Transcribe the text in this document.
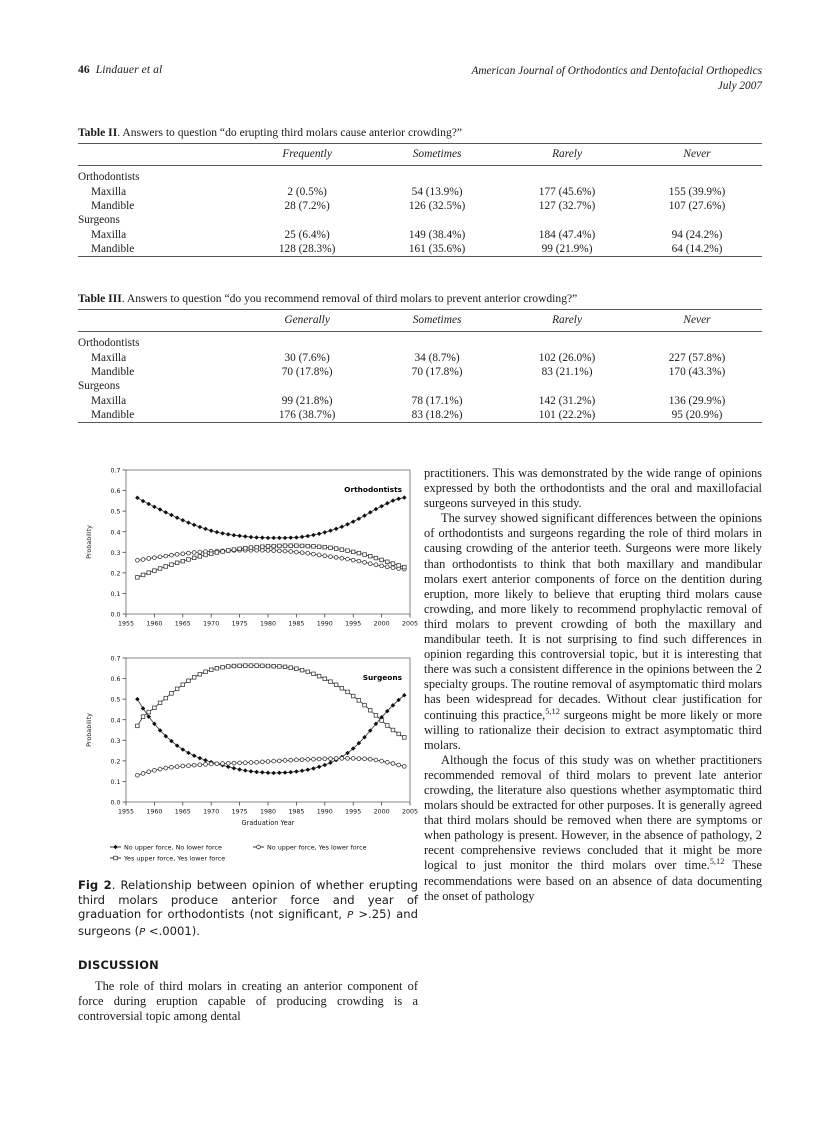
46 Lindauer et al	American Journal of Orthodontics and Dentofacial Orthopedics
July 2007
Table II. Answers to question “do erupting third molars cause anterior crowding?”
	Frequently	Sometimes	Rarely	Never

Orthodontists				
Maxilla	2 (0.5%)	54 (13.9%)	177 (45.6%)	155 (39.9%)
Mandible	28 (7.2%)	126 (32.5%)	127 (32.7%)	107 (27.6%)
Surgeons				
Maxilla	25 (6.4%)	149 (38.4%)	184 (47.4%)	94 (24.2%)
Mandible	128 (28.3%)	161 (35.6%)	99 (21.9%)	64 (14.2%)
Table III. Answers to question “do you recommend removal of third molars to prevent anterior crowding?”
	Generally	Sometimes	Rarely	Never

Orthodontists				
Maxilla	30 (7.6%)	34 (8.7%)	102 (26.0%)	227 (57.8%)
Mandible	70 (17.8%)	70 (17.8%)	83 (21.1%)	170 (43.3%)
Surgeons				
Maxilla	99 (21.8%)	78 (17.1%)	142 (31.2%)	136 (29.9%)
Mandible	176 (38.7%)	83 (18.2%)	101 (22.2%)	95 (20.9%)
0.0
0.1
0.2
0.3
0.4
0.5
0.6
0.7
1955 1960 1965 1970 1975 1980 1985 1990 1995 2000 2005
Probability
Orthodontists
0.0
0.1
0.2
0.3
0.4
0.5
0.6
0.7
1955 1960 1965 1970 1975 1980 1985 1990 1995 2000 2005
Probability
Graduation Year
Surgeons
No upper force, No lower force	No upper force, Yes lower force
Yes upper force, Yes lower force
Fig 2. Relationship between opinion of whether erupting third molars produce anterior force and year of graduation for orthodontists (not significant, P >.25) and surgeons (P <.0001).
DISCUSSION

The role of third molars in creating an anterior component of force during eruption capable of producing crowding is a controversial topic among dental

practitioners. This was demonstrated by the wide range of opinions expressed by both the orthodontists and the oral and maxillofacial surgeons surveyed in this study.

The survey showed significant differences between the opinions of orthodontists and surgeons regarding the role of third molars in causing crowding of the anterior teeth. Surgeons were more likely than orthodontists to think that both maxillary and mandibular molars exert anterior components of force on the dentition during eruption, more likely to believe that erupting third molars cause crowding, and more likely to recommend prophylactic removal of third molars to prevent crowding of both the maxillary and mandibular teeth. It is not surprising to find such differences in opinion regarding this controversial topic, but it is interesting that there was such a consistent difference in the opinions between the 2 specialty groups. The routine removal of asymptomatic third molars has been widespread for decades. Without clear justification for continuing this practice,$^{5,12}$ surgeons might be more likely or more willing to rationalize their decision to extract asymptomatic third molars.

Although the focus of this study was on whether practitioners recommended removal of third molars to prevent late anterior crowding, the literature also questions whether asymptomatic third molars should be extracted for other purposes. It is generally agreed that third molars should be removed when there are symptoms or when pathology is present. However, in the absence of pathology, 2 recent comprehensive reviews concluded that it might be more logical to just monitor the third molars over time.$^{5,12}$ These recommendations were based on an absence of data documenting the onset of pathology
